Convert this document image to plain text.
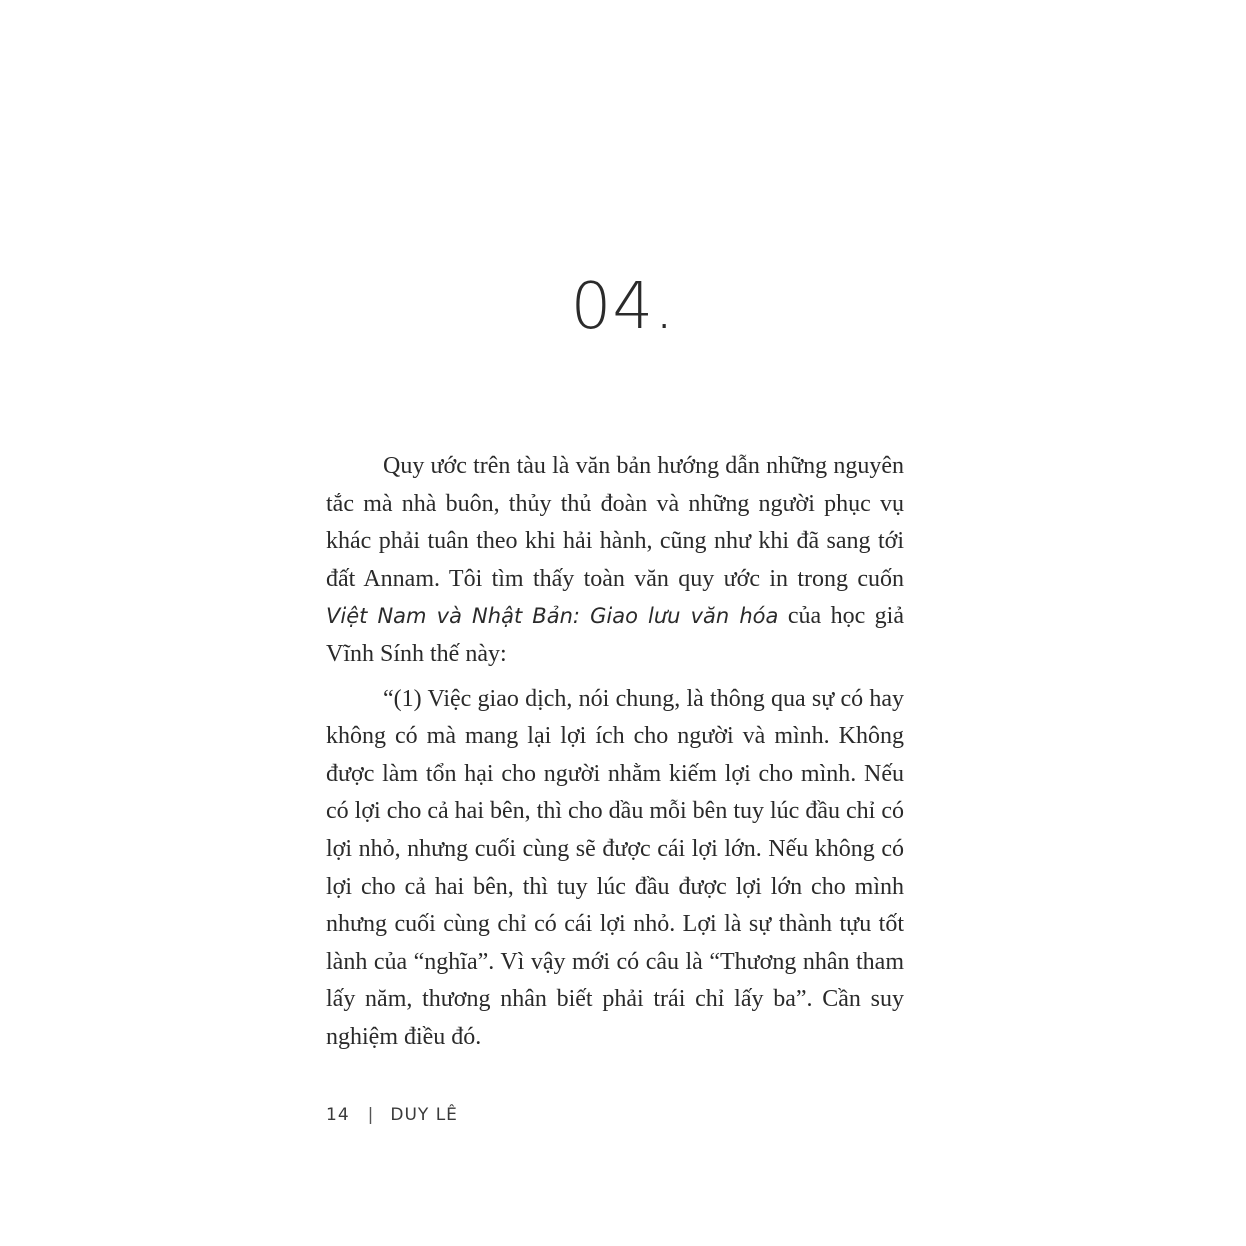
04.

Quy ước trên tàu là văn bản hướng dẫn những nguyên tắc mà nhà buôn, thủy thủ đoàn và những người phục vụ khác phải tuân theo khi hải hành, cũng như khi đã sang tới đất Annam. Tôi tìm thấy toàn văn quy ước in trong cuốn Việt Nam và Nhật Bản: Giao lưu văn hóa của học giả Vĩnh Sính thế này:

“(1) Việc giao dịch, nói chung, là thông qua sự có hay không có mà mang lại lợi ích cho người và mình. Không được làm tổn hại cho người nhằm kiếm lợi cho mình. Nếu có lợi cho cả hai bên, thì cho dầu mỗi bên tuy lúc đầu chỉ có lợi nhỏ, nhưng cuối cùng sẽ được cái lợi lớn. Nếu không có lợi cho cả hai bên, thì tuy lúc đầu được lợi lớn cho mình nhưng cuối cùng chỉ có cái lợi nhỏ. Lợi là sự thành tựu tốt lành của “nghĩa”. Vì vậy mới có câu là “Thương nhân tham lấy năm, thương nhân biết phải trái chỉ lấy ba”. Cần suy nghiệm điều đó.

14 | DUY LÊ
